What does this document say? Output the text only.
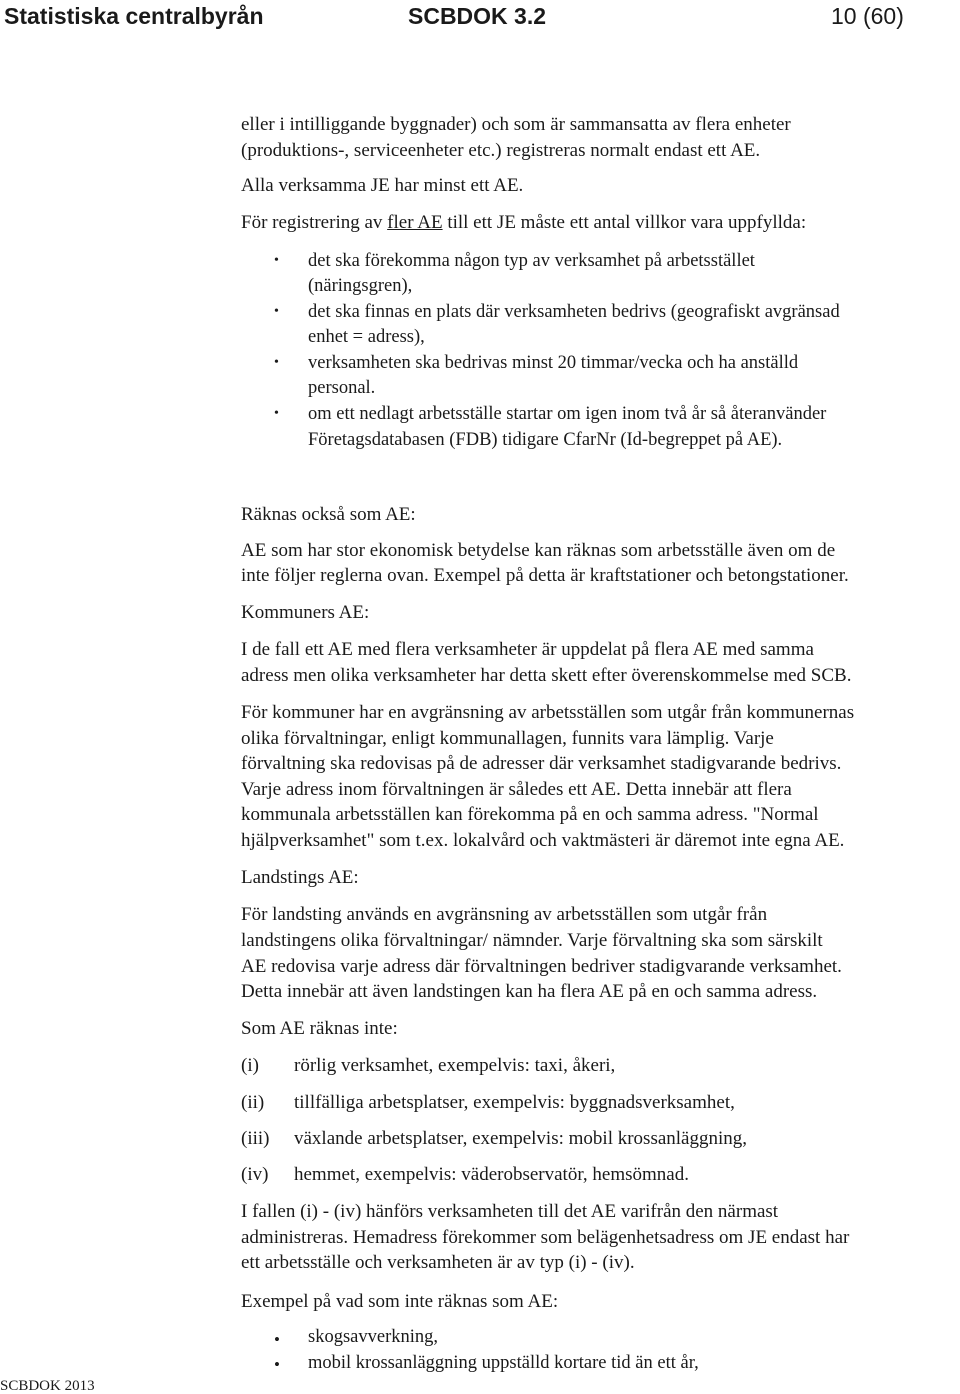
Statistiska centralbyrån	SCBDOK 3.2	10 (60)

eller i intilliggande byggnader) och som är sammansatta av flera enheter

(produktions-, serviceenheter etc.) registreras normalt endast ett AE.

Alla verksamma JE har minst ett AE.

För registrering av fler AE till ett JE måste ett antal villkor vara uppfyllda:

• det ska förekomma någon typ av verksamhet på arbetsstället

(näringsgren),

• det ska finnas en plats där verksamheten bedrivs (geografiskt avgränsad

enhet = adress),

• verksamheten ska bedrivas minst 20 timmar/vecka och ha anställd

personal.

• om ett nedlagt arbetsställe startar om igen inom två år så återanvänder

Företagsdatabasen (FDB) tidigare CfarNr (Id-begreppet på AE).

Räknas också som AE:

AE som har stor ekonomisk betydelse kan räknas som arbetsställe även om de

inte följer reglerna ovan. Exempel på detta är kraftstationer och betongstationer.

Kommuners AE:

I de fall ett AE med flera verksamheter är uppdelat på flera AE med samma

adress men olika verksamheter har detta skett efter överenskommelse med SCB.

För kommuner har en avgränsning av arbetsställen som utgår från kommunernas

olika förvaltningar, enligt kommunallagen, funnits vara lämplig. Varje

förvaltning ska redovisas på de adresser där verksamhet stadigvarande bedrivs.

Varje adress inom förvaltningen är således ett AE. Detta innebär att flera

kommunala arbetsställen kan förekomma på en och samma adress. "Normal

hjälpverksamhet" som t.ex. lokalvård och vaktmästeri är däremot inte egna AE.

Landstings AE:

För landsting används en avgränsning av arbetsställen som utgår från

landstingens olika förvaltningar/ nämnder. Varje förvaltning ska som särskilt

AE redovisa varje adress där förvaltningen bedriver stadigvarande verksamhet.

Detta innebär att även landstingen kan ha flera AE på en och samma adress.

Som AE räknas inte:

(i) rörlig verksamhet, exempelvis: taxi, åkeri,

(ii) tillfälliga arbetsplatser, exempelvis: byggnadsverksamhet,

(iii) växlande arbetsplatser, exempelvis: mobil krossanläggning,

(iv) hemmet, exempelvis: väderobservatör, hemsömnad.

I fallen (i) - (iv) hänförs verksamheten till det AE varifrån den närmast

administreras. Hemadress förekommer som belägenhetsadress om JE endast har

ett arbetsställe och verksamheten är av typ (i) - (iv).

Exempel på vad som inte räknas som AE:

• skogsavverkning,

• mobil krossanläggning uppställd kortare tid än ett år,

SCBDOK 2013
